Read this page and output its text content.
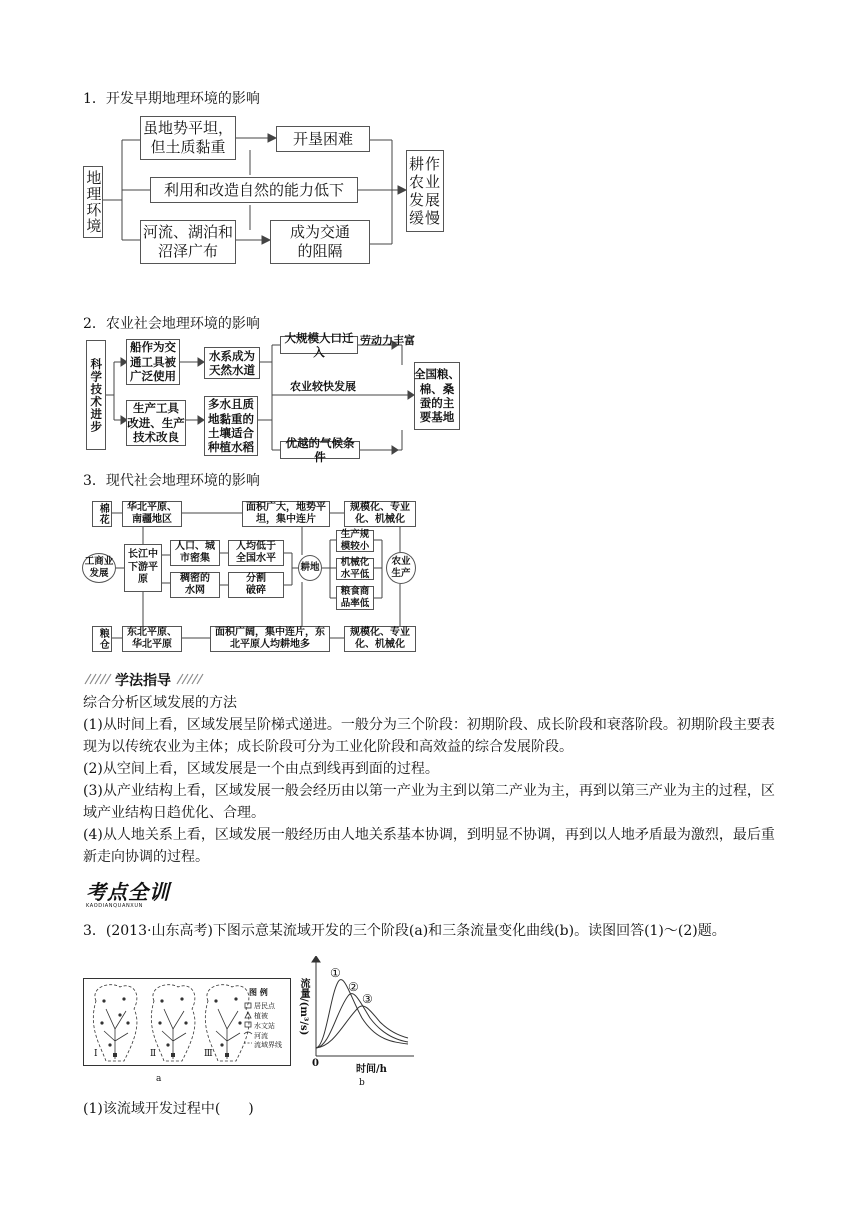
1．开发早期地理环境的影响
地理环境
虽地势平坦，
但土质黏重	开垦困难
利用和改造自然的能力低下
河流、湖泊和
沼泽广布
成为交通
的阻隔
耕作农业发展缓慢
2．农业社会地理环境的影响
科学技术进步
船作为交
通工具被
广泛使用
水系成为
天然水道
生产工具
改进、生产
技术改良
多水且质
地黏重的
土壤适合
种植水稻
大规模人口迁入
劳动力丰富
农业较快发展
全国粮、
棉、桑
蚕的主
要基地
优越的气候条件
3．现代社会地理环境的影响
棉花	华北平原、
南疆地区
面积广大，地势平
坦，集中连片
规模化、专业
化、机械化
工商业发展
长江中下游平原
人口、城
市密集
人均低于
全国水平
稠密的
水网
分割
破碎
耕地
生产规
模较小
机械化
水平低
粮食商
品率低
农业生产
粮仓	东北平原、
华北平原
面积广阔，集中连片，东
北平原人均耕地多
规模化、专业
化、机械化
学法指导
综合分析区域发展的方法
(1)从时间上看，区域发展呈阶梯式递进。一般分为三个阶段：初期阶段、成长阶段和衰落阶段。初期阶段主要表现为以传统农业为主体；成长阶段可分为工业化阶段和高效益的综合发展阶段。
(2)从空间上看，区域发展是一个由点到线再到面的过程。
(3)从产业结构上看，区域发展一般会经历由以第一产业为主到以第二产业为主，再到以第三产业为主的过程，区域产业结构日趋优化、合理。
(4)从人地关系上看，区域发展一般经历由人地关系基本协调，到明显不协调，再到以人地矛盾最为激烈，最后重新走向协调的过程。
考点全训
KAODIANQUANXUN
3．(2013·山东高考)下图示意某流域开发的三个阶段(a)和三条流量变化曲线(b)。读图回答(1)～(2)题。
Ⅰ	Ⅱ	Ⅲ
图 例
居民点
植被
水文站
河流
流域界线
a
流量/(m³/s)
0
时间/h
①
②
③
b
(1)该流域开发过程中(　　)
